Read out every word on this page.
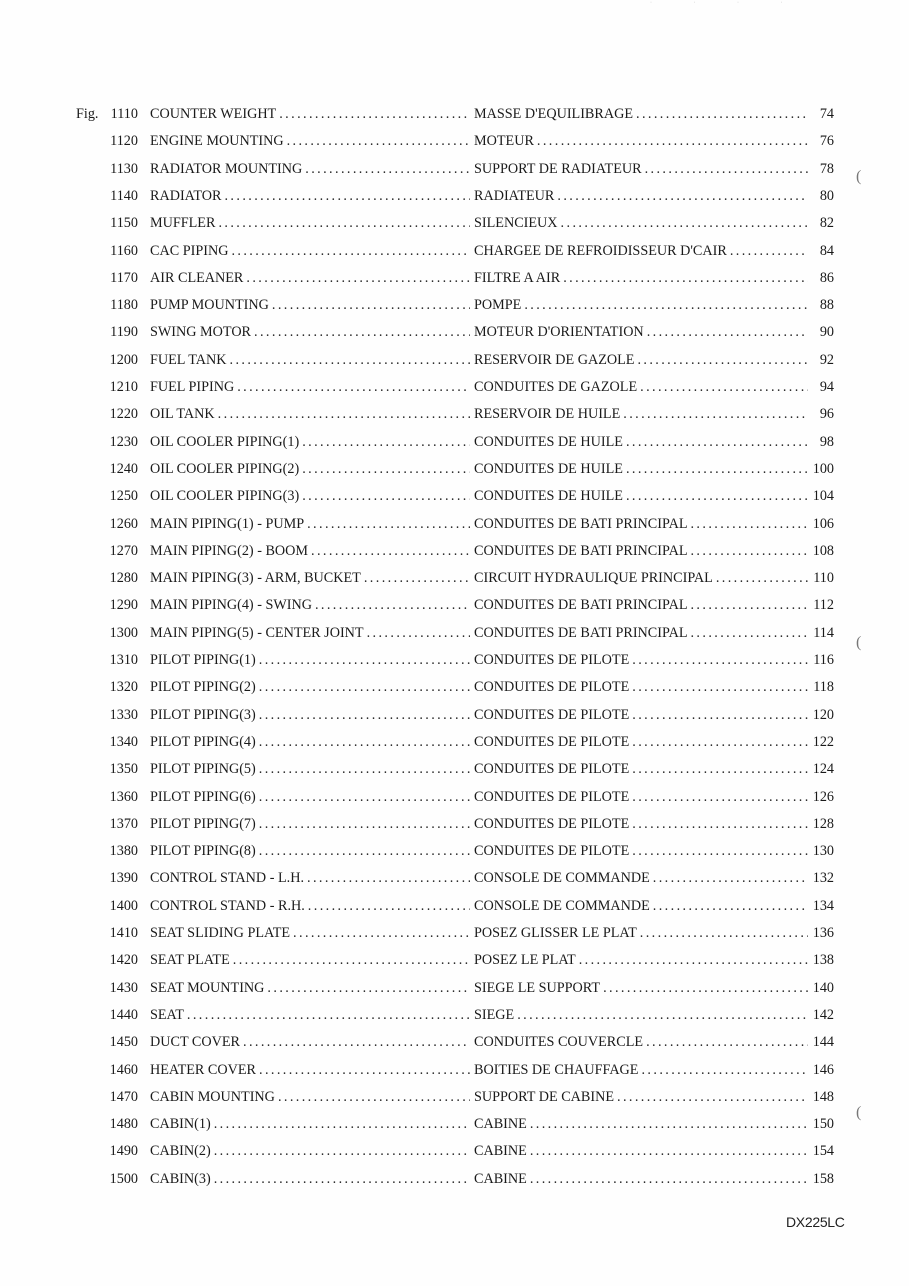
· · · ·
Fig. 1110 COUNTER WEIGHT .....	MASSE D'EQUILIBRAGE .....	74
1120 ENGINE MOUNTING .....	MOTEUR .....	76
1130 RADIATOR MOUNTING .....	SUPPORT DE RADIATEUR .....	78
1140 RADIATOR .....	RADIATEUR .....	80
1150 MUFFLER .....	SILENCIEUX .....	82
1160 CAC PIPING .....	CHARGEE DE REFROIDISSEUR D'CAIR .....	84
1170 AIR CLEANER .....	FILTRE A AIR .....	86
1180 PUMP MOUNTING .....	POMPE .....	88
1190 SWING MOTOR .....	MOTEUR D'ORIENTATION .....	90
1200 FUEL TANK .....	RESERVOIR DE GAZOLE .....	92
1210 FUEL PIPING .....	CONDUITES DE GAZOLE .....	94
1220 OIL TANK .....	RESERVOIR DE HUILE .....	96
1230 OIL COOLER PIPING(1) .....	CONDUITES DE HUILE .....	98
1240 OIL COOLER PIPING(2) .....	CONDUITES DE HUILE .....	100
1250 OIL COOLER PIPING(3) .....	CONDUITES DE HUILE .....	104
1260 MAIN PIPING(1) - PUMP .....	CONDUITES DE BATI PRINCIPAL .....	106
1270 MAIN PIPING(2) - BOOM .....	CONDUITES DE BATI PRINCIPAL .....	108
1280 MAIN PIPING(3) - ARM, BUCKET .....	CIRCUIT HYDRAULIQUE PRINCIPAL .....	110
1290 MAIN PIPING(4) - SWING .....	CONDUITES DE BATI PRINCIPAL .....	112
1300 MAIN PIPING(5) - CENTER JOINT .....	CONDUITES DE BATI PRINCIPAL .....	114
1310 PILOT PIPING(1) .....	CONDUITES DE PILOTE .....	116
1320 PILOT PIPING(2) .....	CONDUITES DE PILOTE .....	118
1330 PILOT PIPING(3) .....	CONDUITES DE PILOTE .....	120
1340 PILOT PIPING(4) .....	CONDUITES DE PILOTE .....	122
1350 PILOT PIPING(5) .....	CONDUITES DE PILOTE .....	124
1360 PILOT PIPING(6) .....	CONDUITES DE PILOTE .....	126
1370 PILOT PIPING(7) .....	CONDUITES DE PILOTE .....	128
1380 PILOT PIPING(8) .....	CONDUITES DE PILOTE .....	130
1390 CONTROL STAND - L.H. .....	CONSOLE DE COMMANDE .....	132
1400 CONTROL STAND - R.H. .....	CONSOLE DE COMMANDE .....	134
1410 SEAT SLIDING PLATE .....	POSEZ GLISSER LE PLAT .....	136
1420 SEAT PLATE .....	POSEZ LE PLAT .....	138
1430 SEAT MOUNTING .....	SIEGE LE SUPPORT .....	140
1440 SEAT .....	SIEGE .....	142
1450 DUCT COVER .....	CONDUITES COUVERCLE .....	144
1460 HEATER COVER .....	BOITIES DE CHAUFFAGE .....	146
1470 CABIN MOUNTING .....	SUPPORT DE CABINE .....	148
1480 CABIN(1) .....	CABINE .....	150
1490 CABIN(2) .....	CABINE .....	154
1500 CABIN(3) .....	CABINE .....	158
(
(
(
DX225LC
